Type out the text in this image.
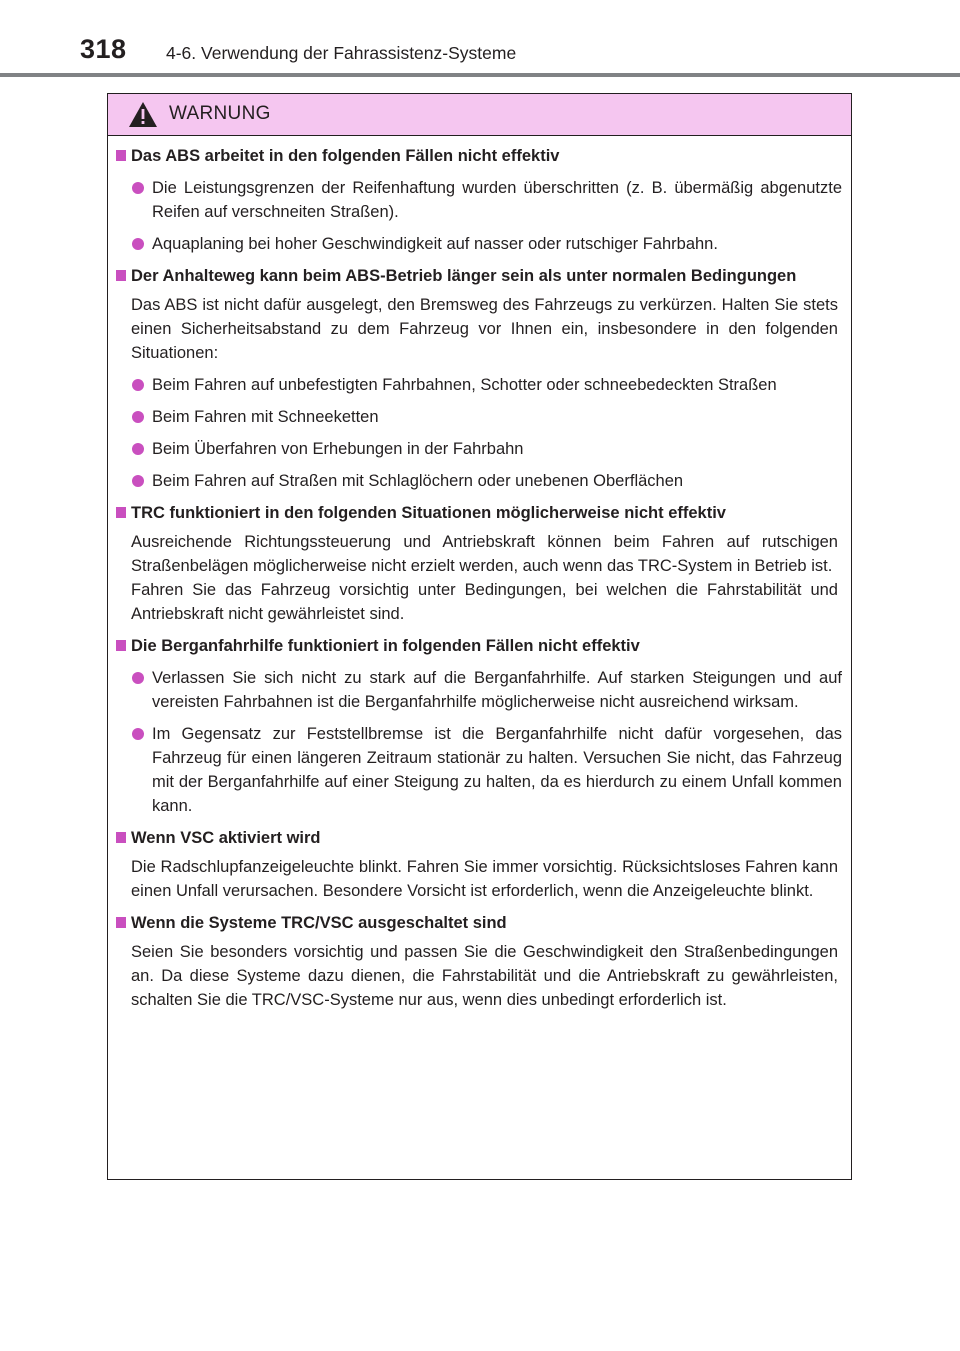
318 4-6. Verwendung der Fahrassistenz-Systeme
WARNUNG
Das ABS arbeitet in den folgenden Fällen nicht effektiv
Die Leistungsgrenzen der Reifenhaftung wurden überschritten (z. B. übermäßig abgenutzte Reifen auf verschneiten Straßen).
Aquaplaning bei hoher Geschwindigkeit auf nasser oder rutschiger Fahrbahn.
Der Anhalteweg kann beim ABS-Betrieb länger sein als unter normalen Bedingungen
Das ABS ist nicht dafür ausgelegt, den Bremsweg des Fahrzeugs zu verkürzen. Halten Sie stets einen Sicherheitsabstand zu dem Fahrzeug vor Ihnen ein, insbesondere in den folgenden Situationen:
Beim Fahren auf unbefestigten Fahrbahnen, Schotter oder schneebedeckten Straßen
Beim Fahren mit Schneeketten
Beim Überfahren von Erhebungen in der Fahrbahn
Beim Fahren auf Straßen mit Schlaglöchern oder unebenen Oberflächen
TRC funktioniert in den folgenden Situationen möglicherweise nicht effektiv
Ausreichende Richtungssteuerung und Antriebskraft können beim Fahren auf rutschigen Straßenbelägen möglicherweise nicht erzielt werden, auch wenn das TRC-System in Betrieb ist.
Fahren Sie das Fahrzeug vorsichtig unter Bedingungen, bei welchen die Fahrstabilität und Antriebskraft nicht gewährleistet sind.
Die Berganfahrhilfe funktioniert in folgenden Fällen nicht effektiv
Verlassen Sie sich nicht zu stark auf die Berganfahrhilfe. Auf starken Steigungen und auf vereisten Fahrbahnen ist die Berganfahrhilfe möglicherweise nicht ausreichend wirksam.
Im Gegensatz zur Feststellbremse ist die Berganfahrhilfe nicht dafür vorgesehen, das Fahrzeug für einen längeren Zeitraum stationär zu halten. Versuchen Sie nicht, das Fahrzeug mit der Berganfahrhilfe auf einer Steigung zu halten, da es hierdurch zu einem Unfall kommen kann.
Wenn VSC aktiviert wird
Die Radschlupfanzeigeleuchte blinkt. Fahren Sie immer vorsichtig. Rücksichtsloses Fahren kann einen Unfall verursachen. Besondere Vorsicht ist erforderlich, wenn die Anzeigeleuchte blinkt.
Wenn die Systeme TRC/VSC ausgeschaltet sind
Seien Sie besonders vorsichtig und passen Sie die Geschwindigkeit den Straßenbedingungen an. Da diese Systeme dazu dienen, die Fahrstabilität und die Antriebskraft zu gewährleisten, schalten Sie die TRC/VSC-Systeme nur aus, wenn dies unbedingt erforderlich ist.
